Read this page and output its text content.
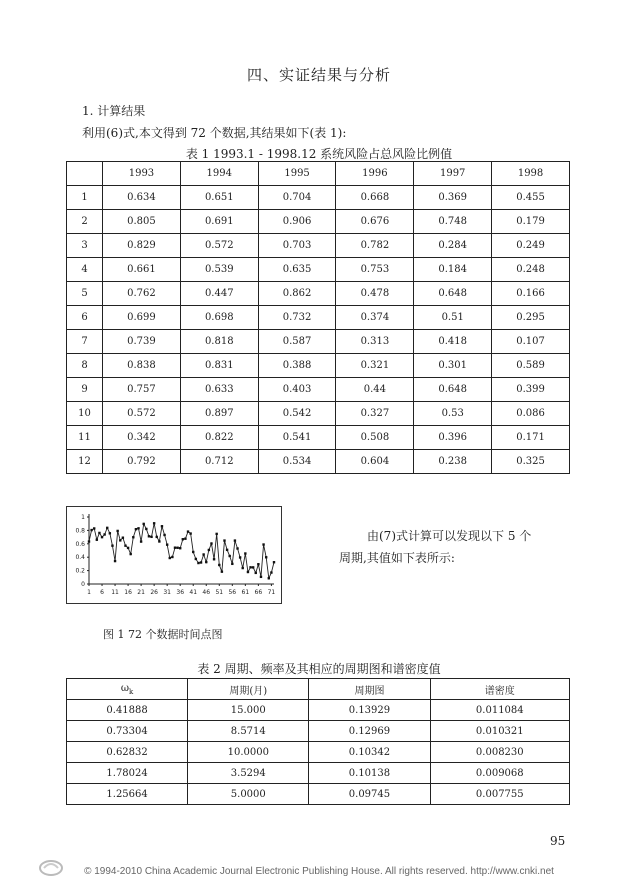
四、实证结果与分析
1. 计算结果
利用(6)式,本文得到 72 个数据,其结果如下(表 1):
表 1 1993.1 - 1998.12 系统风险占总风险比例值
	1993	1994	1995	1996	1997	1998
1	0.634	0.651	0.704	0.668	0.369	0.455
2	0.805	0.691	0.906	0.676	0.748	0.179
3	0.829	0.572	0.703	0.782	0.284	0.249
4	0.661	0.539	0.635	0.753	0.184	0.248
5	0.762	0.447	0.862	0.478	0.648	0.166
6	0.699	0.698	0.732	0.374	0.51	0.295
7	0.739	0.818	0.587	0.313	0.418	0.107
8	0.838	0.831	0.388	0.321	0.301	0.589
9	0.757	0.633	0.403	0.44	0.648	0.399
10	0.572	0.897	0.542	0.327	0.53	0.086
11	0.342	0.822	0.541	0.508	0.396	0.171
12	0.792	0.712	0.534	0.604	0.238	0.325
0
0.2
0.4
0.6
0.8
1
1 6 11 16 21 26 31 36 41 46 51 56 61 66 71
由(7)式计算可以发现以下 5 个
周期,其值如下表所示:
图 1 72 个数据时间点图
表 2 周期、频率及其相应的周期图和谱密度值
$\omega_k$	周期(月)	周期图	谱密度
0.41888	15.000	0.13929	0.011084
0.73304	8.5714	0.12969	0.010321
0.62832	10.0000	0.10342	0.008230
1.78024	3.5294	0.10138	0.009068
1.25664	5.0000	0.09745	0.007755
95
© 1994-2010 China Academic Journal Electronic Publishing House. All rights reserved. http://www.cnki.net
